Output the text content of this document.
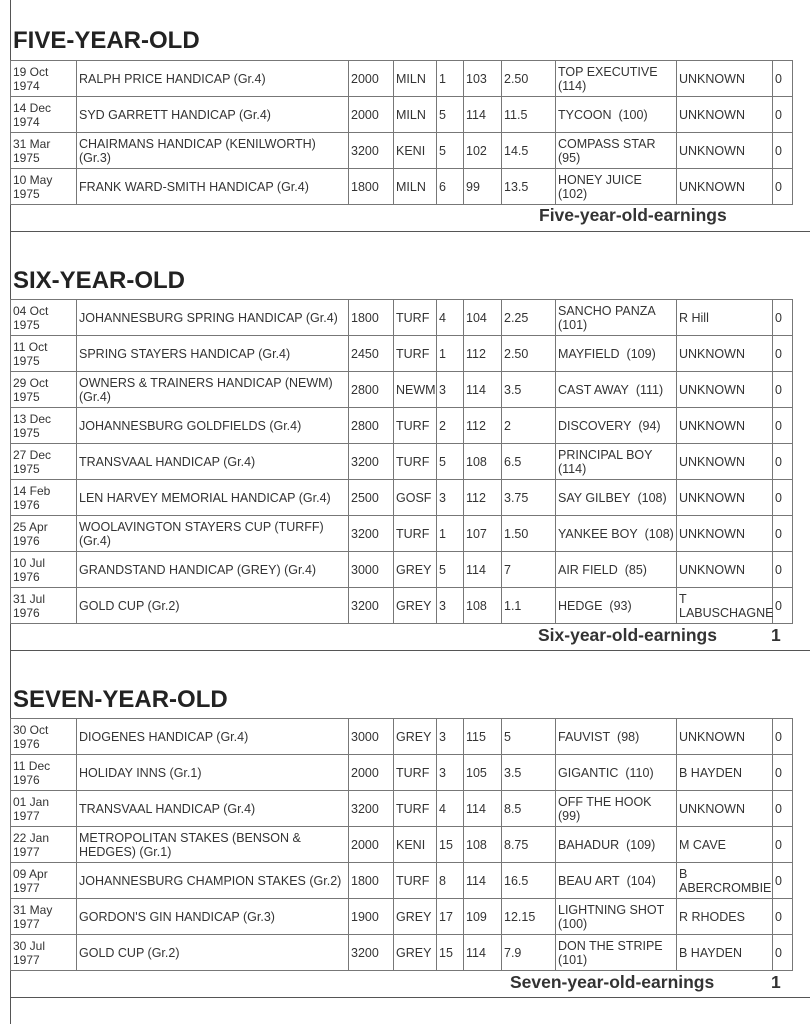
FIVE-YEAR-OLD
19 Oct 1974	RALPH PRICE HANDICAP (Gr.4)	2000	MILN	1	103	2.50	TOP EXECUTIVE  (114)	UNKNOWN	0
14 Dec 1974	SYD GARRETT HANDICAP (Gr.4)	2000	MILN	5	114	11.5	TYCOON (100)	UNKNOWN	0
31 Mar 1975	CHAIRMANS HANDICAP (KENILWORTH) (Gr.3)	3200	KENI	5	102	14.5	COMPASS STAR  (95)	UNKNOWN	0
10 May 1975	FRANK WARD-SMITH HANDICAP (Gr.4)	1800	MILN	6	99	13.5	HONEY JUICE  (102)	UNKNOWN	0
Five-year-old-earnings
SIX-YEAR-OLD
04 Oct 1975	JOHANNESBURG SPRING HANDICAP (Gr.4)	1800	TURF	4	104	2.25	SANCHO PANZA  (101)	R Hill	0
11 Oct 1975	SPRING STAYERS HANDICAP (Gr.4)	2450	TURF	1	112	2.50	MAYFIELD (109)	UNKNOWN	0
29 Oct 1975	OWNERS & TRAINERS HANDICAP (NEWM) (Gr.4)	2800	NEWM	3	114	3.5	CAST AWAY (111)	UNKNOWN	0
13 Dec 1975	JOHANNESBURG GOLDFIELDS (Gr.4)	2800	TURF	2	112	2	DISCOVERY (94)	UNKNOWN	0
27 Dec 1975	TRANSVAAL HANDICAP (Gr.4)	3200	TURF	5	108	6.5	PRINCIPAL BOY  (114)	UNKNOWN	0
14 Feb 1976	LEN HARVEY MEMORIAL HANDICAP (Gr.4)	2500	GOSF	3	112	3.75	SAY GILBEY (108)	UNKNOWN	0
25 Apr 1976	WOOLAVINGTON STAYERS CUP (TURFF) (Gr.4)	3200	TURF	1	107	1.50	YANKEE BOY (108)	UNKNOWN	0
10 Jul 1976	GRANDSTAND HANDICAP (GREY) (Gr.4)	3000	GREY	5	114	7	AIR FIELD (85)	UNKNOWN	0
31 Jul 1976	GOLD CUP (Gr.2)	3200	GREY	3	108	1.1	HEDGE (93)	T LABUSCHAGNE	0
Six-year-old-earnings	1
SEVEN-YEAR-OLD
30 Oct 1976	DIOGENES HANDICAP (Gr.4)	3000	GREY	3	115	5	FAUVIST (98)	UNKNOWN	0
11 Dec 1976	HOLIDAY INNS (Gr.1)	2000	TURF	3	105	3.5	GIGANTIC (110)	B HAYDEN	0
01 Jan 1977	TRANSVAAL HANDICAP (Gr.4)	3200	TURF	4	114	8.5	OFF THE HOOK  (99)	UNKNOWN	0
22 Jan 1977	METROPOLITAN STAKES (BENSON & HEDGES) (Gr.1)	2000	KENI	15	108	8.75	BAHADUR (109)	M CAVE	0
09 Apr 1977	JOHANNESBURG CHAMPION STAKES (Gr.2)	1800	TURF	8	114	16.5	BEAU ART (104)	B ABERCROMBIE	0
31 May 1977	GORDON'S GIN HANDICAP (Gr.3)	1900	GREY	17	109	12.15	LIGHTNING SHOT  (100)	R RHODES	0
30 Jul 1977	GOLD CUP (Gr.2)	3200	GREY	15	114	7.9	DON THE STRIPE  (101)	B HAYDEN	0
Seven-year-old-earnings	1
